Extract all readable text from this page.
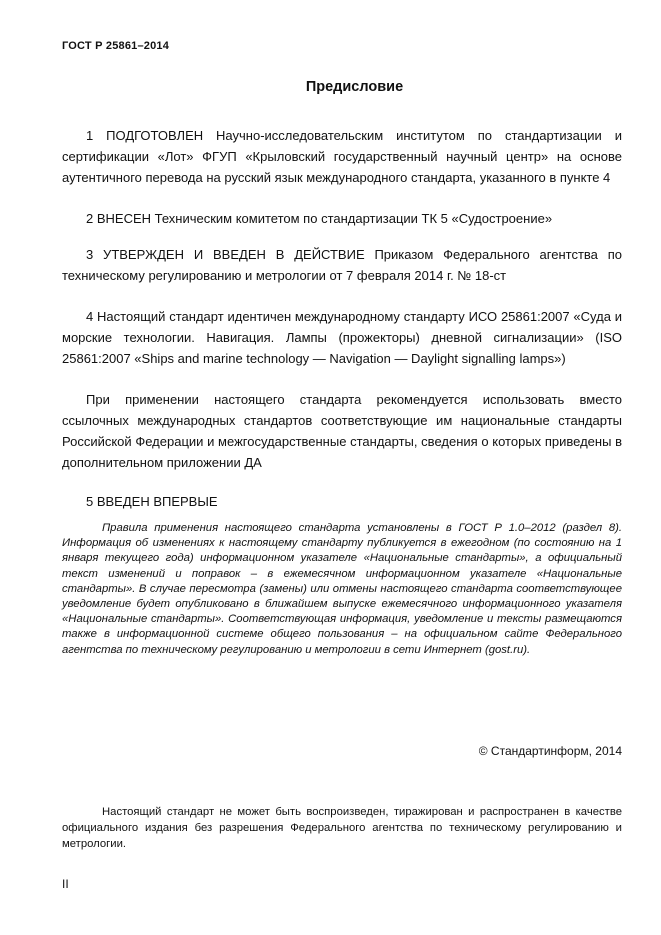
ГОСТ Р 25861–2014
Предисловие
1 ПОДГОТОВЛЕН Научно-исследовательским институтом по стандартизации и сертификации «Лот» ФГУП «Крыловский государственный научный центр» на основе аутентичного перевода на русский язык международного стандарта, указанного в пункте 4
2 ВНЕСЕН Техническим комитетом по стандартизации ТК 5 «Судостроение»
3 УТВЕРЖДЕН И ВВЕДЕН В ДЕЙСТВИЕ Приказом Федерального агентства по техническому регулированию и метрологии от 7 февраля 2014 г. № 18-ст
4 Настоящий стандарт идентичен международному стандарту ИСО 25861:2007 «Суда и морские технологии. Навигация. Лампы (прожекторы) дневной сигнализации» (ISO 25861:2007 «Ships and marine technology — Navigation — Daylight signalling lamps»)
При применении настоящего стандарта рекомендуется использовать вместо ссылочных международных стандартов соответствующие им национальные стандарты Российской Федерации и межгосударственные стандарты, сведения о которых приведены в дополнительном приложении ДА
5 ВВЕДЕН ВПЕРВЫЕ
Правила применения настоящего стандарта установлены в ГОСТ Р 1.0–2012 (раздел 8). Информация об изменениях к настоящему стандарту публикуется в ежегодном (по состоянию на 1 января текущего года) информационном указателе «Национальные стандарты», а официальный текст изменений и поправок – в ежемесячном информационном указателе «Национальные стандарты». В случае пересмотра (замены) или отмены настоящего стандарта соответствующее уведомление будет опубликовано в ближайшем выпуске ежемесячного информационного указателя «Национальные стандарты». Соответствующая информация, уведомление и тексты размещаются также в информационной системе общего пользования – на официальном сайте Федерального агентства по техническому регулированию и метрологии в сети Интернет (gost.ru).
© Стандартинформ, 2014
Настоящий стандарт не может быть воспроизведен, тиражирован и распространен в качестве официального издания без разрешения Федерального агентства по техническому регулированию и метрологии.
II
